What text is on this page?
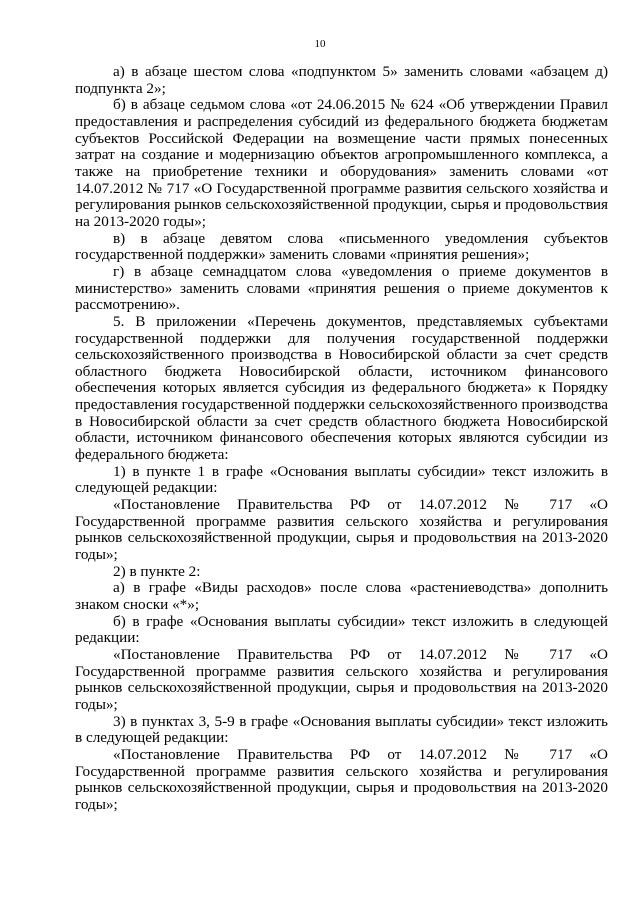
10

а) в абзаце шестом слова «подпунктом 5» заменить словами «абзацем д) подпункта 2»;

б) в абзаце седьмом слова «от 24.06.2015 № 624 «Об утверждении Правил предоставления и распределения субсидий из федерального бюджета бюджетам субъектов Российской Федерации на возмещение части прямых понесенных затрат на создание и модернизацию объектов агропромышленного комплекса, а также на приобретение техники и оборудования» заменить словами «от 14.07.2012 № 717 «О Государственной программе развития сельского хозяйства и регулирования рынков сельскохозяйственной продукции, сырья и продовольствия на 2013-2020 годы»;

в) в абзаце девятом слова «письменного уведомления субъектов государственной поддержки» заменить словами «принятия решения»;

г) в абзаце семнадцатом слова «уведомления о приеме документов в министерство» заменить словами «принятия решения о приеме документов к рассмотрению».

5. В приложении «Перечень документов, представляемых субъектами государственной поддержки для получения государственной поддержки сельскохозяйственного производства в Новосибирской области за счет средств областного бюджета Новосибирской области, источником финансового обеспечения которых является субсидия из федерального бюджета» к Порядку предоставления государственной поддержки сельскохозяйственного производства в Новосибирской области за счет средств областного бюджета Новосибирской области, источником финансового обеспечения которых являются субсидии из федерального бюджета:

1) в пункте 1 в графе «Основания выплаты субсидии» текст изложить в следующей редакции:

«Постановление Правительства РФ от 14.07.2012 № 717 «О Государственной программе развития сельского хозяйства и регулирования рынков сельскохозяйственной продукции, сырья и продовольствия на 2013-2020 годы»;

2) в пункте 2:

а) в графе «Виды расходов» после слова «растениеводства» дополнить знаком сноски «*»;

б) в графе «Основания выплаты субсидии» текст изложить в следующей редакции:

«Постановление Правительства РФ от 14.07.2012 № 717 «О Государственной программе развития сельского хозяйства и регулирования рынков сельскохозяйственной продукции, сырья и продовольствия на 2013-2020 годы»;

3) в пунктах 3, 5-9 в графе «Основания выплаты субсидии» текст изложить в следующей редакции:

«Постановление Правительства РФ от 14.07.2012 № 717 «О Государственной программе развития сельского хозяйства и регулирования рынков сельскохозяйственной продукции, сырья и продовольствия на 2013-2020 годы»;
